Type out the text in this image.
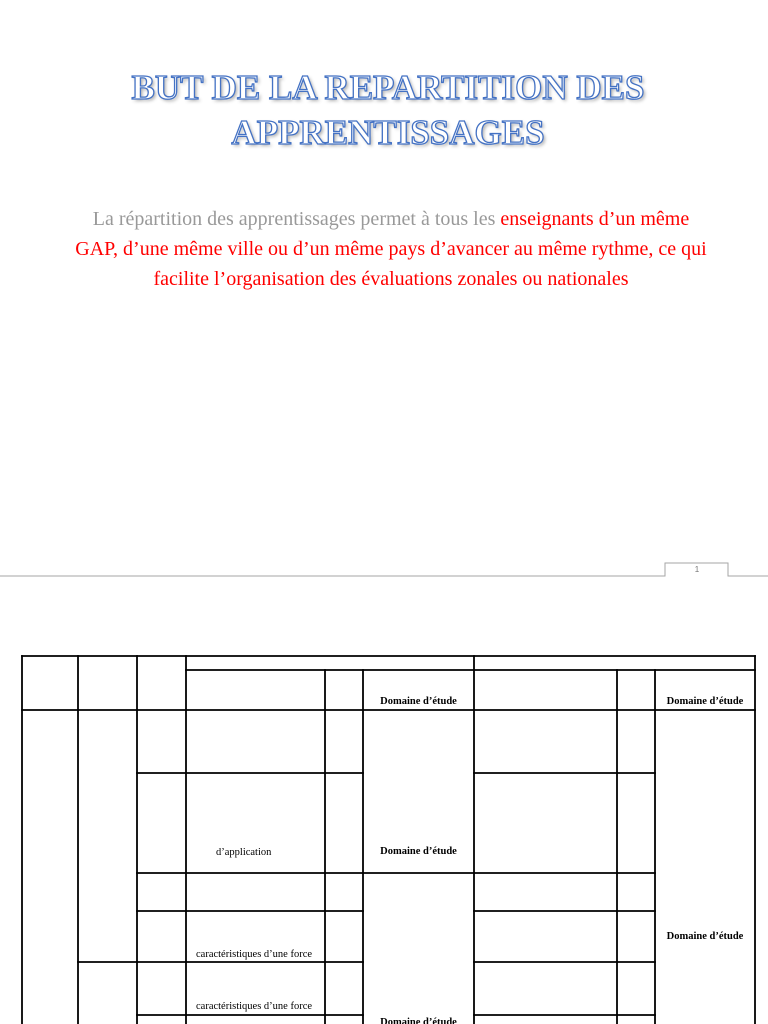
BUT DE LA REPARTITION DES
APPRENTISSAGES
La répartition des apprentissages permet à tous les enseignants d’un même
GAP, d’une même ville ou d’un même pays d’avancer au même rythme, ce qui
facilite l’organisation des évaluations zonales ou nationales
1
Domaine d’étude	Domaine d’étude
d’application	Domaine d’étude
caractéristiques d’une force
caractéristiques d’une force
Domaine d’étude
Domaine d’étude
